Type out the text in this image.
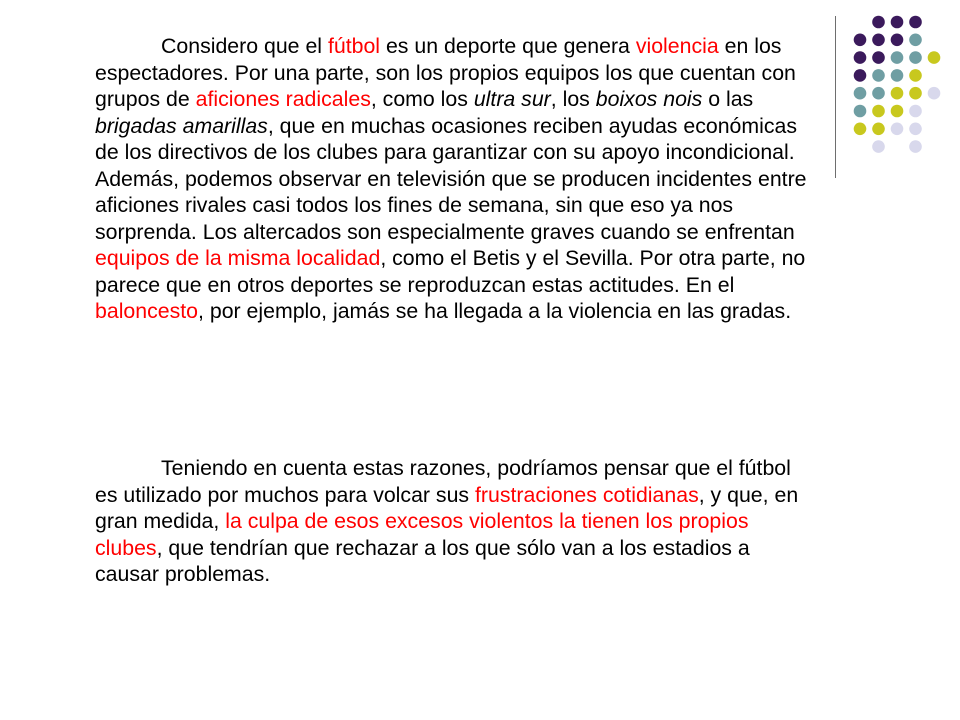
Considero que el fútbol es un deporte que genera violencia en los espectadores. Por una parte, son los propios equipos los que cuentan con grupos de aficiones radicales, como los ultra sur, los boixos nois o las brigadas amarillas, que en muchas ocasiones reciben ayudas económicas de los directivos de los clubes para garantizar con su apoyo incondicional. Además, podemos observar en televisión que se producen incidentes entre aficiones rivales casi todos los fines de semana, sin que eso ya nos sorprenda. Los altercados son especialmente graves cuando se enfrentan equipos de la misma localidad, como el Betis y el Sevilla. Por otra parte, no parece que en otros deportes se reproduzcan estas actitudes. En el baloncesto, por ejemplo, jamás se ha llegada a la violencia en las gradas.

Teniendo en cuenta estas razones, podríamos pensar que el fútbol es utilizado por muchos para volcar sus frustraciones cotidianas, y que, en gran medida, la culpa de esos excesos violentos la tienen los propios clubes, que tendrían que rechazar a los que sólo van a los estadios a causar problemas.
